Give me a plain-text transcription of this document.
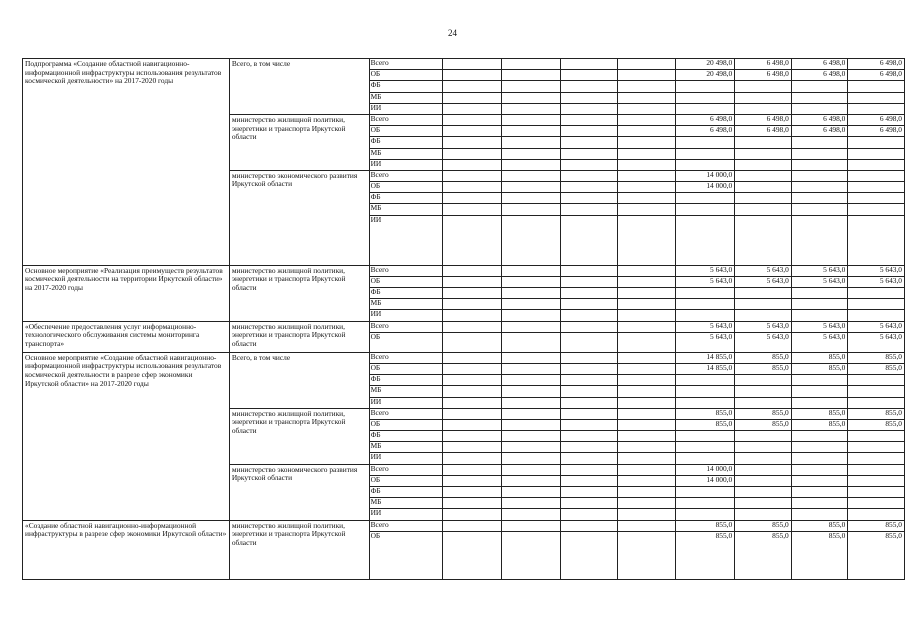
24
Подпрограмма «Создание областной навигационно-информационной инфраструктуры использования результатов космической деятельности» на 2017-2020 годы	Всего, в том числе	Всего					20 498,0	6 498,0	6 498,0	6 498,0
		ОБ					20 498,0	6 498,0	6 498,0	6 498,0
		ФБ								
		МБ								
		ИИ								
	министерство жилищной политики, энергетики и транспорта Иркутской области	Всего					6 498,0	6 498,0	6 498,0	6 498,0
		ОБ					6 498,0	6 498,0	6 498,0	6 498,0
		ФБ								
		МБ								
		ИИ								
	министерство экономического развития Иркутской области	Всего					14 000,0			
		ОБ					14 000,0			
		ФБ								
		МБ								
		ИИ								
Основное мероприятие «Реализация преимуществ результатов космической деятельности на территории Иркутской области» на 2017-2020 годы	министерство жилищной политики, энергетики и транспорта Иркутской области	Всего					5 643,0	5 643,0	5 643,0	5 643,0
		ОБ					5 643,0	5 643,0	5 643,0	5 643,0
		ФБ								
		МБ								
		ИИ								
«Обеспечение предоставления услуг информационно-технологического обслуживания системы мониторинга транспорта»	министерство жилищной политики, энергетики и транспорта Иркутской области	Всего					5 643,0	5 643,0	5 643,0	5 643,0
		ОБ					5 643,0	5 643,0	5 643,0	5 643,0
Основное мероприятие «Создание областной навигационно-информационной инфраструктуры использования результатов космической деятельности в разрезе сфер экономики Иркутской области» на 2017-2020 годы	Всего, в том числе	Всего					14 855,0	855,0	855,0	855,0
		ОБ					14 855,0	855,0	855,0	855,0
		ФБ								
		МБ								
		ИИ								
	министерство жилищной политики, энергетики и транспорта Иркутской области	Всего					855,0	855,0	855,0	855,0
		ОБ					855,0	855,0	855,0	855,0
		ФБ								
		МБ								
		ИИ								
	министерство экономического развития Иркутской области	Всего					14 000,0			
		ОБ					14 000,0			
		ФБ								
		МБ								
		ИИ								
«Создание областной навигационно-информационной инфраструктуры в разрезе сфер экономики Иркутской области»	министерство жилищной политики, энергетики и транспорта Иркутской области	Всего					855,0	855,0	855,0	855,0
		ОБ					855,0	855,0	855,0	855,0
